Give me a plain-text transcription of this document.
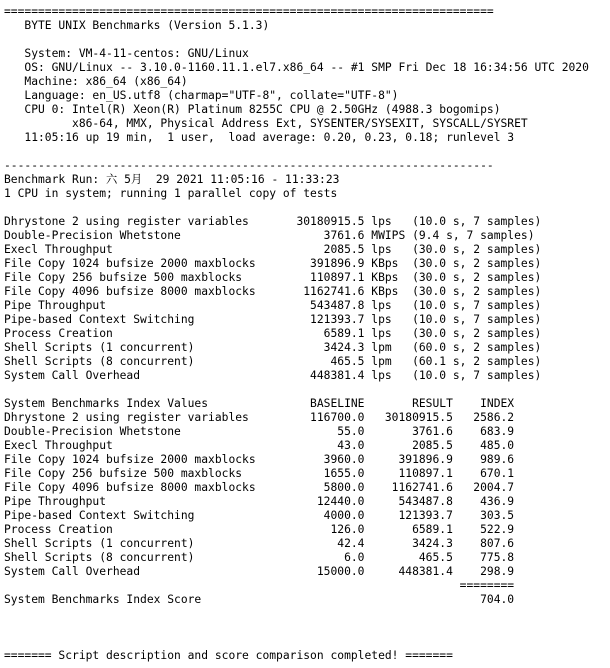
========================================================================
BYTE UNIX Benchmarks (Version 5.1.3)
System: VM-4-11-centos: GNU/Linux
OS: GNU/Linux -- 3.10.0-1160.11.1.el7.x86_64 -- #1 SMP Fri Dec 18 16:34:56 UTC 2020
Machine: x86_64 (x86_64)
Language: en_US.utf8 (charmap="UTF-8", collate="UTF-8")
CPU 0: Intel(R) Xeon(R) Platinum 8255C CPU @ 2.50GHz (4988.3 bogomips)
x86-64, MMX, Physical Address Ext, SYSENTER/SYSEXIT, SYSCALL/SYSRET
11:05:16 up 19 min,  1 user,  load average: 0.20, 0.23, 0.18; runlevel 3
------------------------------------------------------------------------
Benchmark Run: 六 5月  29 2021 11:05:16 - 11:33:23
1 CPU in system; running 1 parallel copy of tests
Dhrystone 2 using register variables       30180915.5 lps   (10.0 s, 7 samples)
Double-Precision Whetstone                     3761.6 MWIPS (9.4 s, 7 samples)
Execl Throughput                               2085.5 lps   (30.0 s, 2 samples)
File Copy 1024 bufsize 2000 maxblocks        391896.9 KBps  (30.0 s, 2 samples)
File Copy 256 bufsize 500 maxblocks          110897.1 KBps  (30.0 s, 2 samples)
File Copy 4096 bufsize 8000 maxblocks       1162741.6 KBps  (30.0 s, 2 samples)
Pipe Throughput                              543487.8 lps   (10.0 s, 7 samples)
Pipe-based Context Switching                 121393.7 lps   (10.0 s, 7 samples)
Process Creation                               6589.1 lps   (30.0 s, 2 samples)
Shell Scripts (1 concurrent)                   3424.3 lpm   (60.0 s, 2 samples)
Shell Scripts (8 concurrent)                    465.5 lpm   (60.1 s, 2 samples)
System Call Overhead                         448381.4 lps   (10.0 s, 7 samples)
System Benchmarks Index Values               BASELINE       RESULT    INDEX
Dhrystone 2 using register variables         116700.0   30180915.5   2586.2
Double-Precision Whetstone                       55.0       3761.6    683.9
Execl Throughput                                 43.0       2085.5    485.0
File Copy 1024 bufsize 2000 maxblocks          3960.0     391896.9    989.6
File Copy 256 bufsize 500 maxblocks            1655.0     110897.1    670.1
File Copy 4096 bufsize 8000 maxblocks          5800.0    1162741.6   2004.7
Pipe Throughput                               12440.0     543487.8    436.9
Pipe-based Context Switching                   4000.0     121393.7    303.5
Process Creation                                126.0       6589.1    522.9
Shell Scripts (1 concurrent)                     42.4       3424.3    807.6
Shell Scripts (8 concurrent)                      6.0        465.5    775.8
System Call Overhead                          15000.0     448381.4    298.9
========
System Benchmarks Index Score                                         704.0
======= Script description and score comparison completed! =======
